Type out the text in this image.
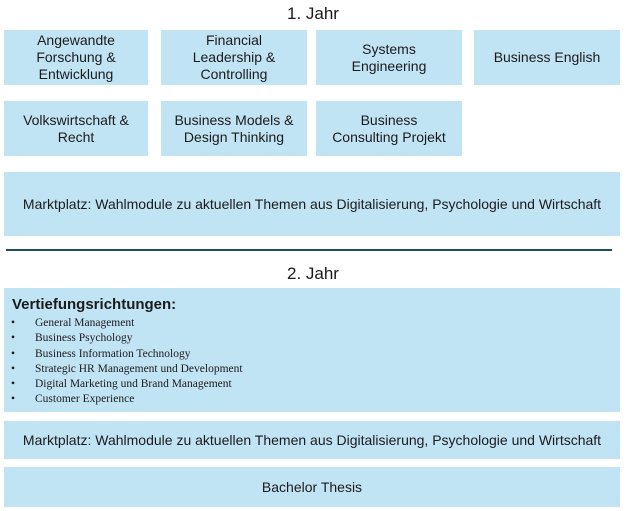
1. Jahr
Angewandte
Forschung &
Entwicklung
Financial
Leadership &
Controlling
Systems
Engineering
Business English
Volkswirtschaft &
Recht
Business Models &
Design Thinking
Business
Consulting Projekt
Marktplatz: Wahlmodule zu aktuellen Themen aus Digitalisierung, Psychologie und Wirtschaft
2. Jahr
Vertiefungsrichtungen:
• General Management
• Business Psychology
• Business Information Technology
• Strategic HR Management und Development
• Digital Marketing und Brand Management
• Customer Experience
Marktplatz: Wahlmodule zu aktuellen Themen aus Digitalisierung, Psychologie und Wirtschaft
Bachelor Thesis
